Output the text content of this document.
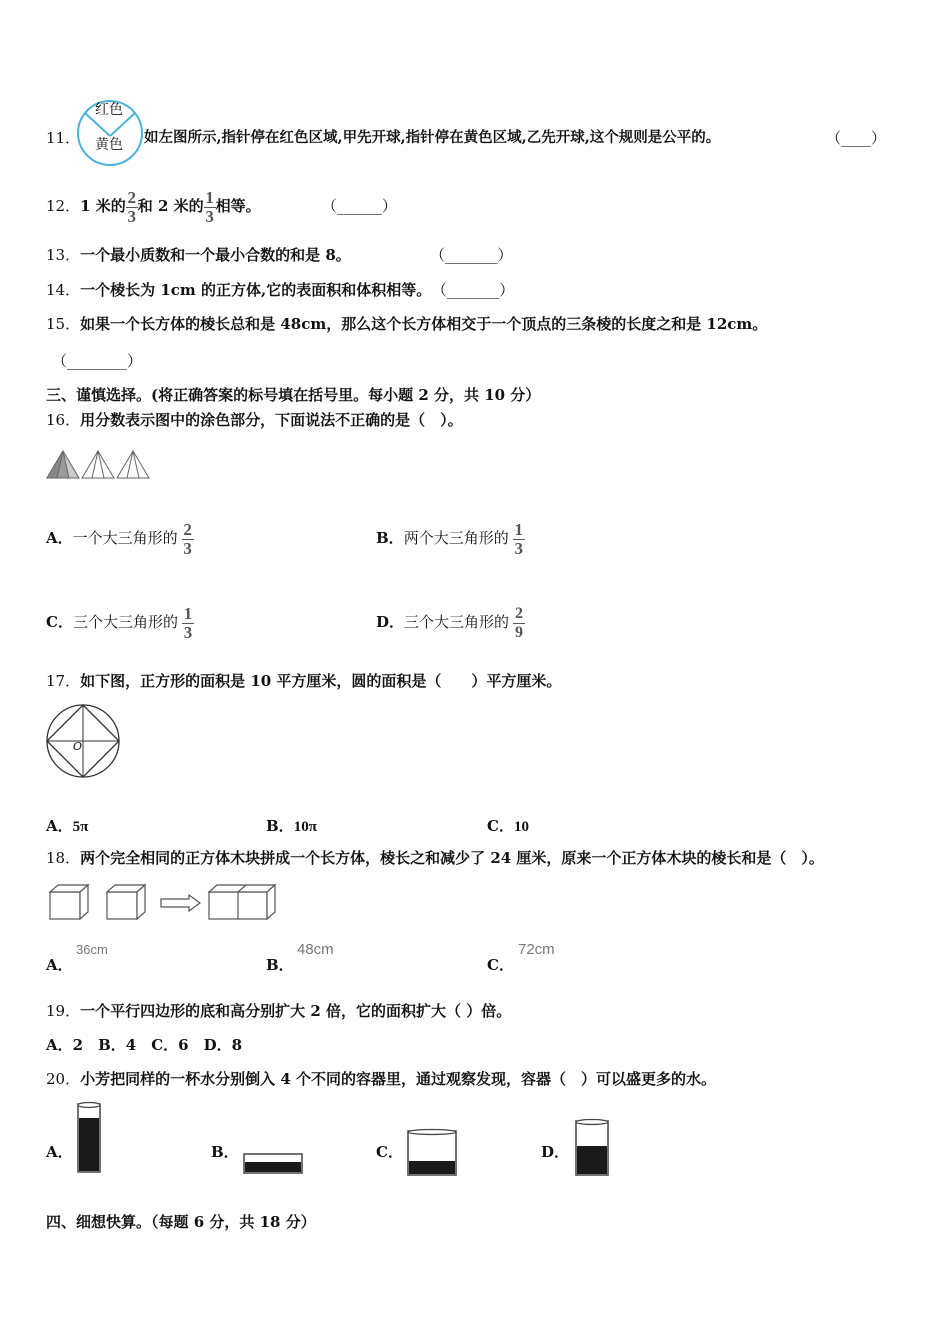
11．
红色
黄色 如左图所示,指针停在红色区域,甲先开球,指针停在黄色区域,乙先开球,这个规则是公平的。	（____）
12．1 米的 $\frac{2}{3}$ 和 2 米的 $\frac{1}{3}$ 相等。	（______）
13．一个最小质数和一个最小合数的和是 8。	（_______）
14．一个棱长为 1cm 的正方体,它的表面积和体积相等。 （_______）
15．如果一个长方体的棱长总和是 48cm，那么这个长方体相交于一个顶点的三条棱的长度之和是 12cm。
（________）
三、谨慎选择。(将正确答案的标号填在括号里。每小题 2 分，共 10 分）
16．用分数表示图中的涂色部分，下面说法不正确的是（　）。
A．一个大三角形的 $\frac{2}{3}$	B．两个大三角形的 $\frac{1}{3}$
C．三个大三角形的 $\frac{1}{3}$	D．三个大三角形的 $\frac{2}{9}$
17．如下图，正方形的面积是 10 平方厘米，圆的面积是（　　）平方厘米。
O
A．5π	B．10π	C．10
18．两个完全相同的正方体木块拼成一个长方体，棱长之和减少了 24 厘米，原来一个正方体木块的棱长和是（　）。
A．
36cm
B．
48cm
C．
72cm
19．一个平行四边形的底和高分别扩大 2 倍，它的面积扩大（ ）倍。
A．2　B．4　C．6　D．8
20．小芳把同样的一杯水分别倒入 4 个不同的容器里，通过观察发现，容器（　）可以盛更多的水。
A．	B．	C．	D．
四、细想快算。（每题 6 分，共 18 分）
